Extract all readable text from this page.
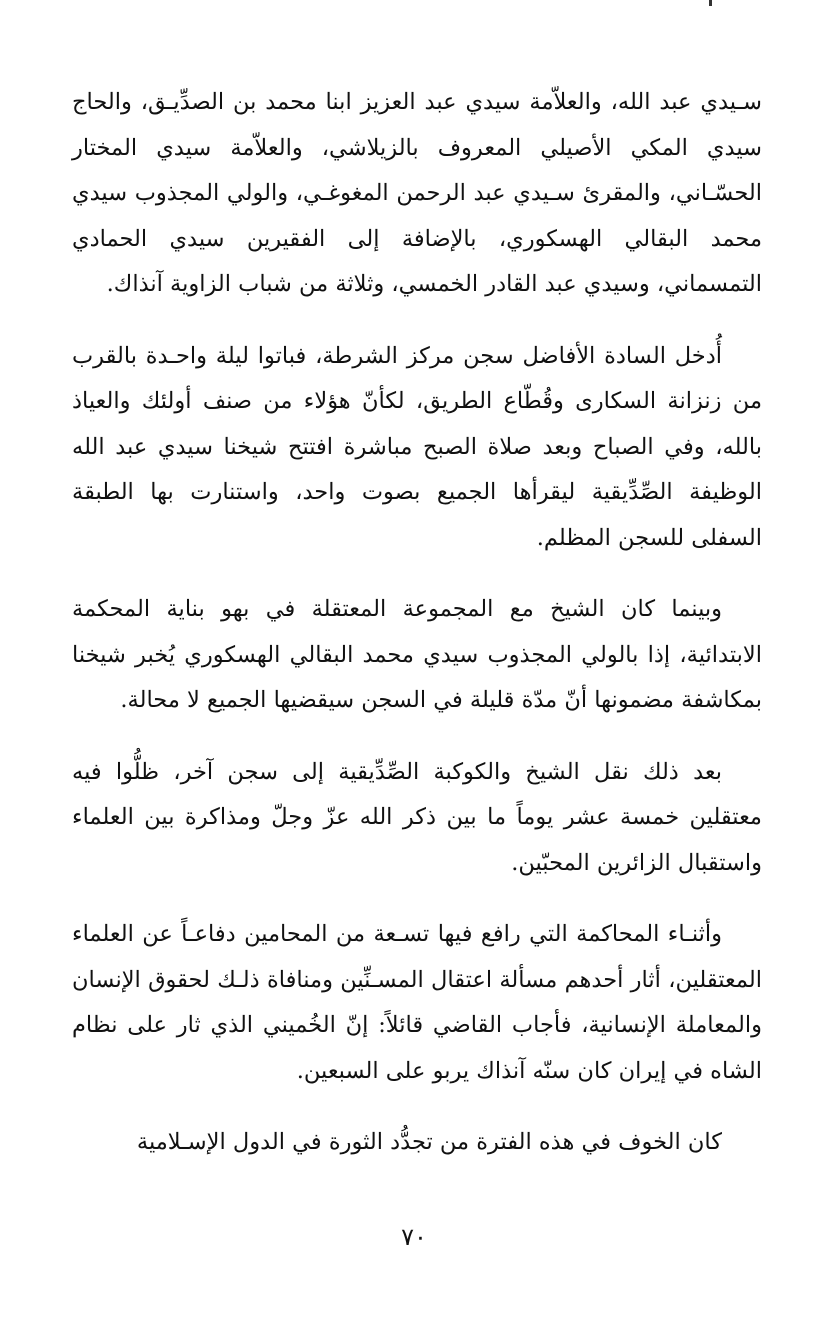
سـيدي عبد الله، والعلاّمة سيدي عبد العزيز ابنا محمد بن الصدِّيـق، والحاج سيدي المكي الأصيلي المعروف بالزيلاشي، والعلاّمة سيدي المختار الحسّـاني، والمقرئ سـيدي عبد الرحمن المغوغـي، والولي المجذوب سيدي محمد البقالي الهسكوري، بالإضافة إلى الفقيرين سيدي الحمادي التمسماني، وسيدي عبد القادر الخمسي، وثلاثة من شباب الزاوية آنذاك.

أُدخل السادة الأفاضل سجن مركز الشرطة، فباتوا ليلة واحـدة بالقرب من زنزانة السكارى وقُطّاع الطريق، لكأنّ هؤلاء من صنف أولئك والعياذ بالله، وفي الصباح وبعد صلاة الصبح مباشرة افتتح شيخنا سيدي عبد الله الوظيفة الصِّدِّيقية ليقرأها الجميع بصوت واحد، واستنارت بها الطبقة السفلى للسجن المظلم.

وبينما كان الشيخ مع المجموعة المعتقلة في بهو بناية المحكمة الابتدائية، إذا بالولي المجذوب سيدي محمد البقالي الهسكوري يُخبر شيخنا بمكاشفة مضمونها أنّ مدّة قليلة في السجن سيقضيها الجميع لا محالة.

بعد ذلك نقل الشيخ والكوكبة الصِّدِّيقية إلى سجن آخر، ظلُّوا فيه معتقلين خمسة عشر يوماً ما بين ذكر الله عزّ وجلّ ومذاكرة بين العلماء واستقبال الزائرين المحبّين.

وأثنـاء المحاكمة التي رافع فيها تسـعة من المحامين دفاعـاً عن العلماء المعتقلين، أثار أحدهم مسألة اعتقال المسـنِّين ومنافاة ذلـك لحقوق الإنسان والمعاملة الإنسانية، فأجاب القاضي قائلاً: إنّ الخُميني الذي ثار على نظام الشاه في إيران كان سنّه آنذاك يربو على السبعين.

كان الخوف في هذه الفترة من تجدُّد الثورة في الدول الإسـلامية

٧٠
